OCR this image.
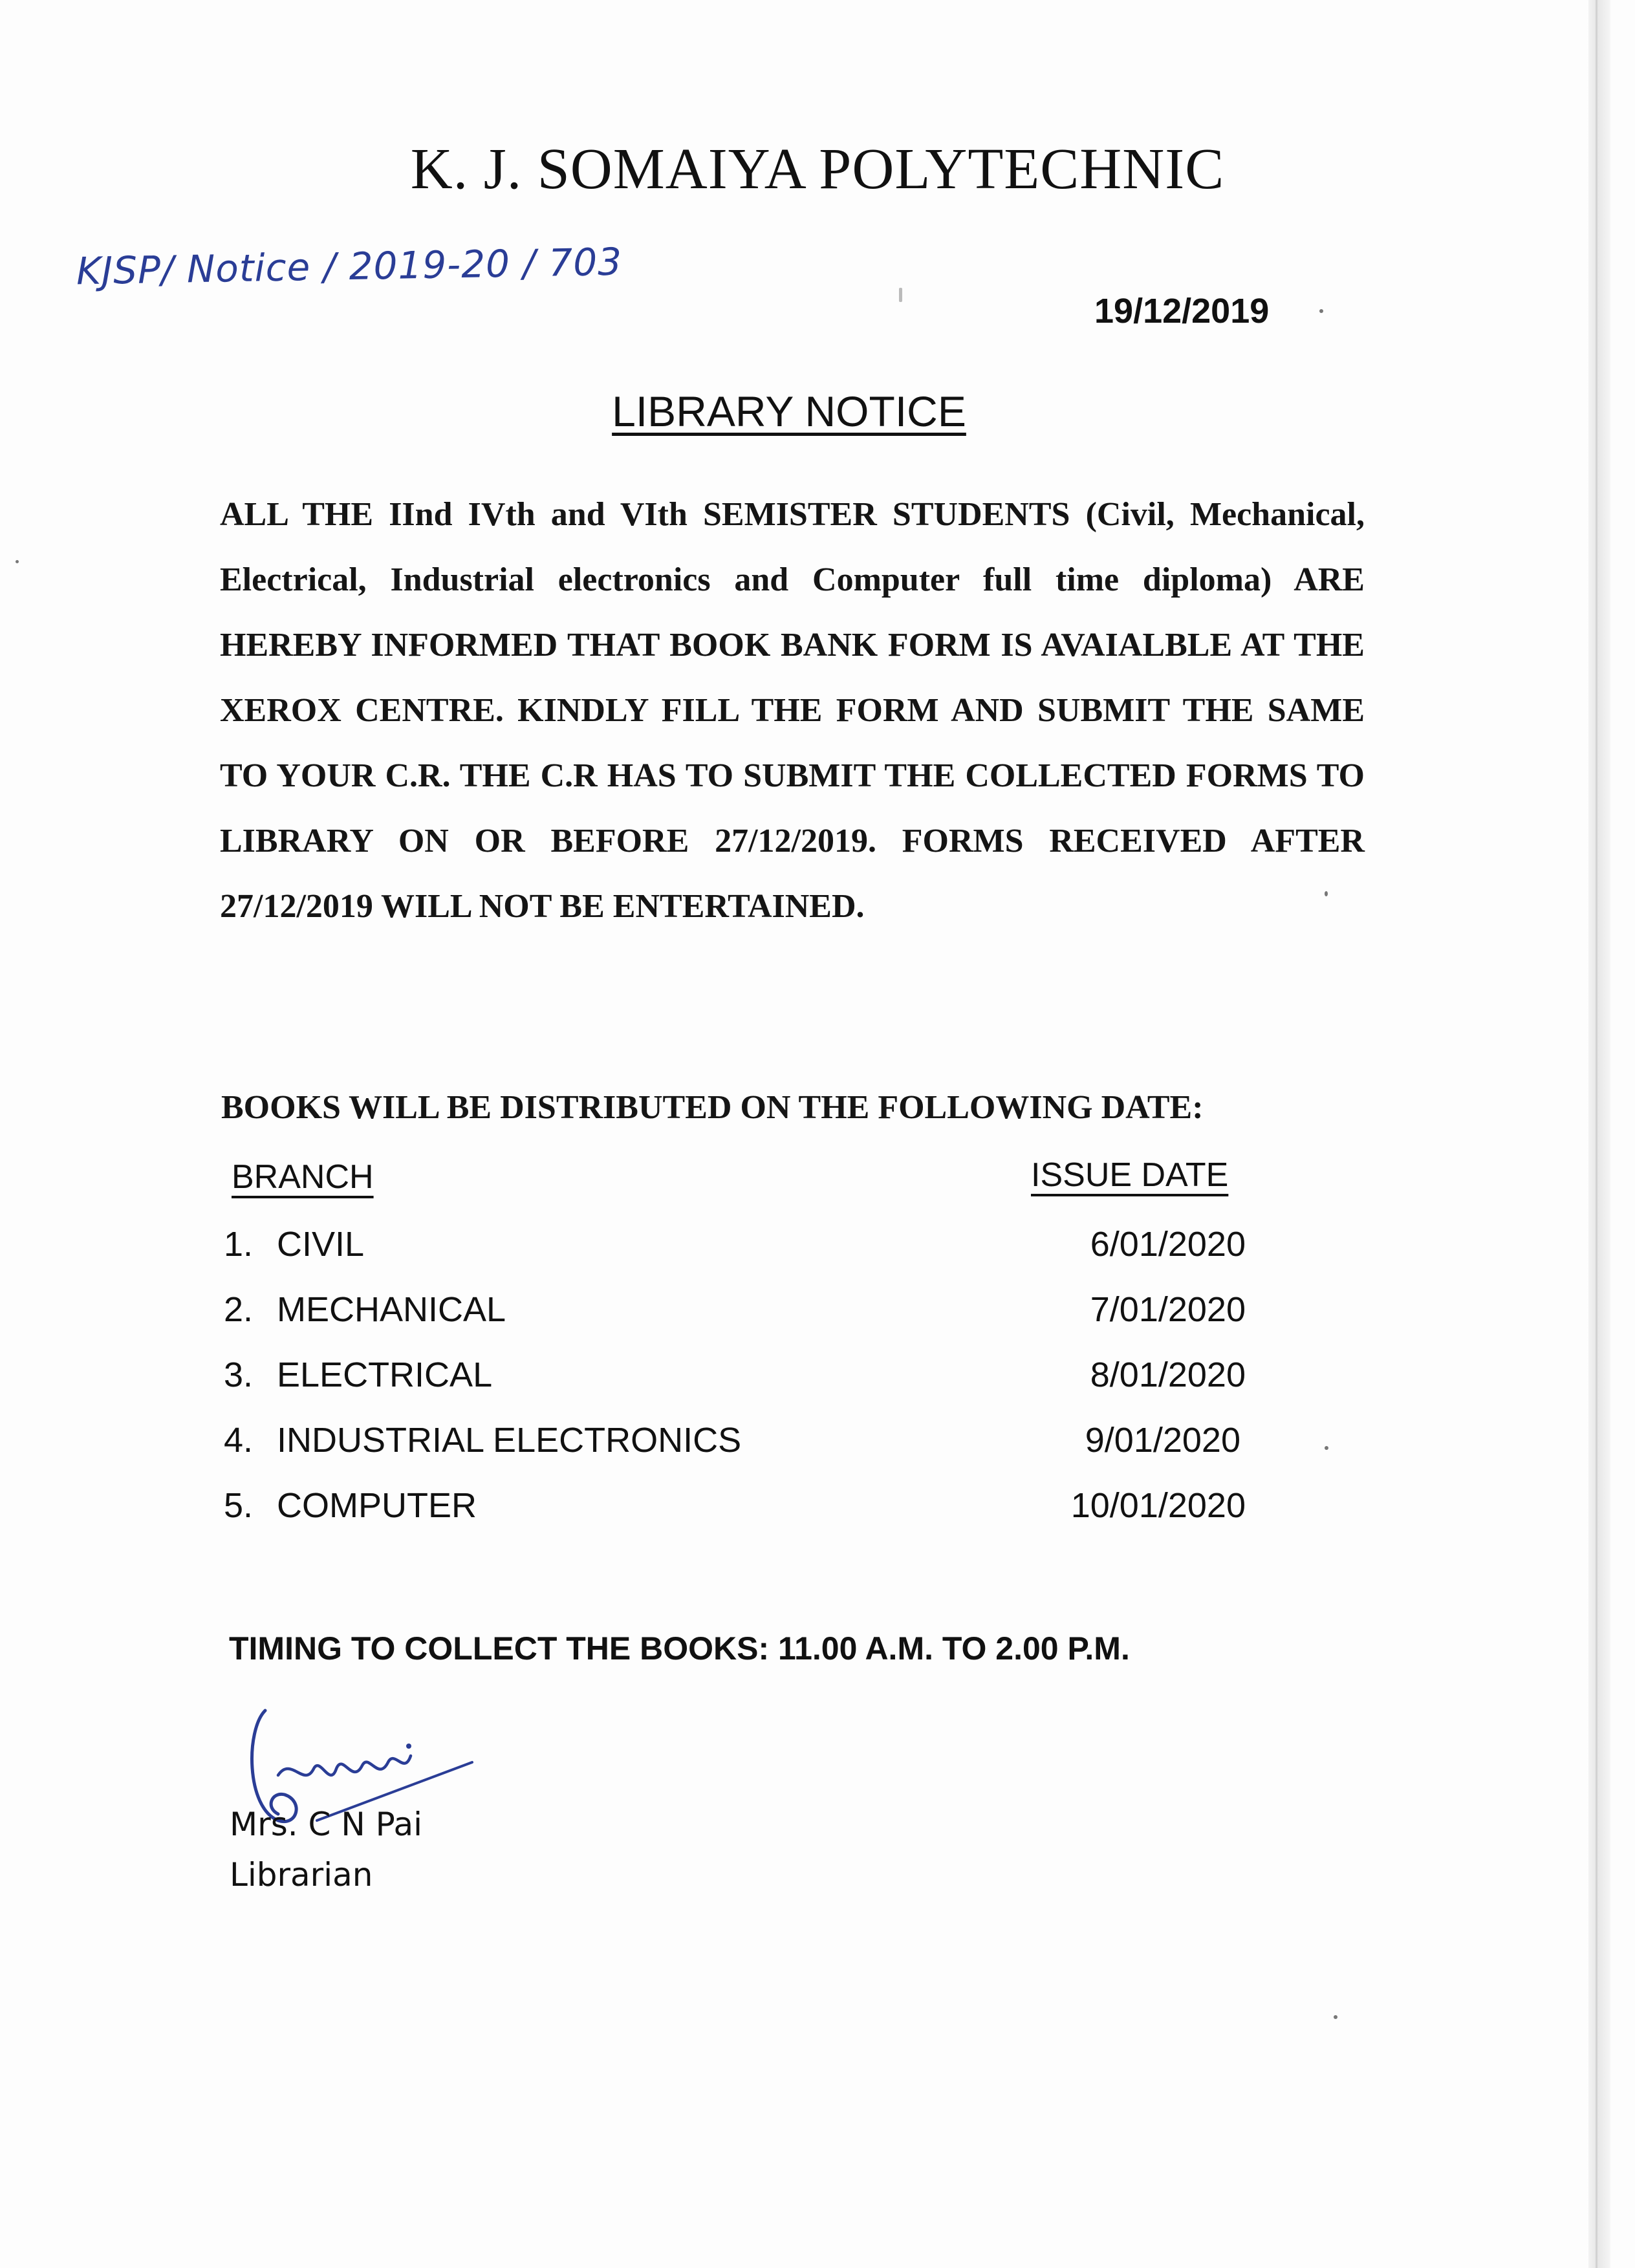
K. J. SOMAIYA POLYTECHNIC
KJSP/ Notice / 2019-20 / 703
19/12/2019
LIBRARY NOTICE
ALL THE IInd IVth and VIth SEMISTER STUDENTS (Civil, Mechanical, Electrical, Industrial electronics and Computer full time diploma) ARE HEREBY INFORMED THAT BOOK BANK FORM IS AVAIALBLE AT THE XEROX CENTRE. KINDLY FILL THE FORM AND SUBMIT THE SAME TO YOUR C.R. THE C.R HAS TO SUBMIT THE COLLECTED FORMS TO LIBRARY ON OR BEFORE 27/12/2019. FORMS RECEIVED AFTER 27/12/2019 WILL NOT BE ENTERTAINED.
BOOKS WILL BE DISTRIBUTED ON THE FOLLOWING DATE:
BRANCH	ISSUE DATE
1. CIVIL	6/01/2020
2. MECHANICAL	7/01/2020
3. ELECTRICAL	8/01/2020
4. INDUSTRIAL ELECTRONICS	9/01/2020
5. COMPUTER	10/01/2020
TIMING TO COLLECT THE BOOKS: 11.00 A.M. TO 2.00 P.M.
Mrs. C N Pai
Librarian
